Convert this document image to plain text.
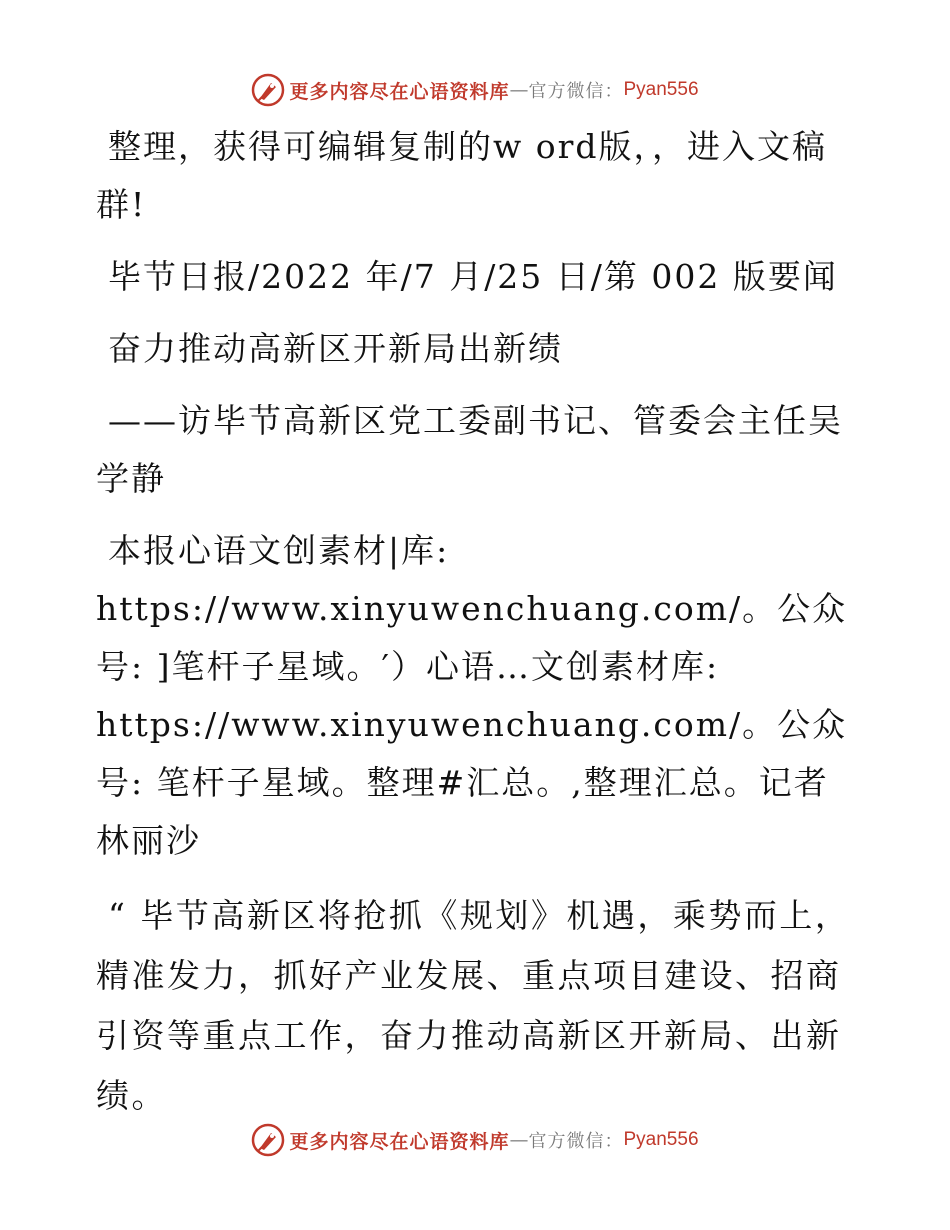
更多内容尽在心语资料库 — 官方微信： Pyan556

整理，获得可编辑复制的w ord版，，进入文稿群!

毕节日报/2022 年/7 月/25 日/第 002 版要闻

奋力推动高新区开新局出新绩

——访毕节高新区党工委副书记、管委会主任吴学静

本报心语文创素材|库: https://www.xinyuwenchuang.com/。公众号: ]笔杆子星域。′）心语…文创素材库: https://www.xinyuwenchuang.com/。公众号: 笔杆子星域。整理#汇总。,整理汇总。记者　林丽沙

“ 毕节高新区将抢抓《规划》机遇，乘势而上，精准发力，抓好产业发展、重点项目建设、招商引资等重点工作，奋力推动高新区开新局、出新绩。

更多内容尽在心语资料库 — 官方微信： Pyan556
